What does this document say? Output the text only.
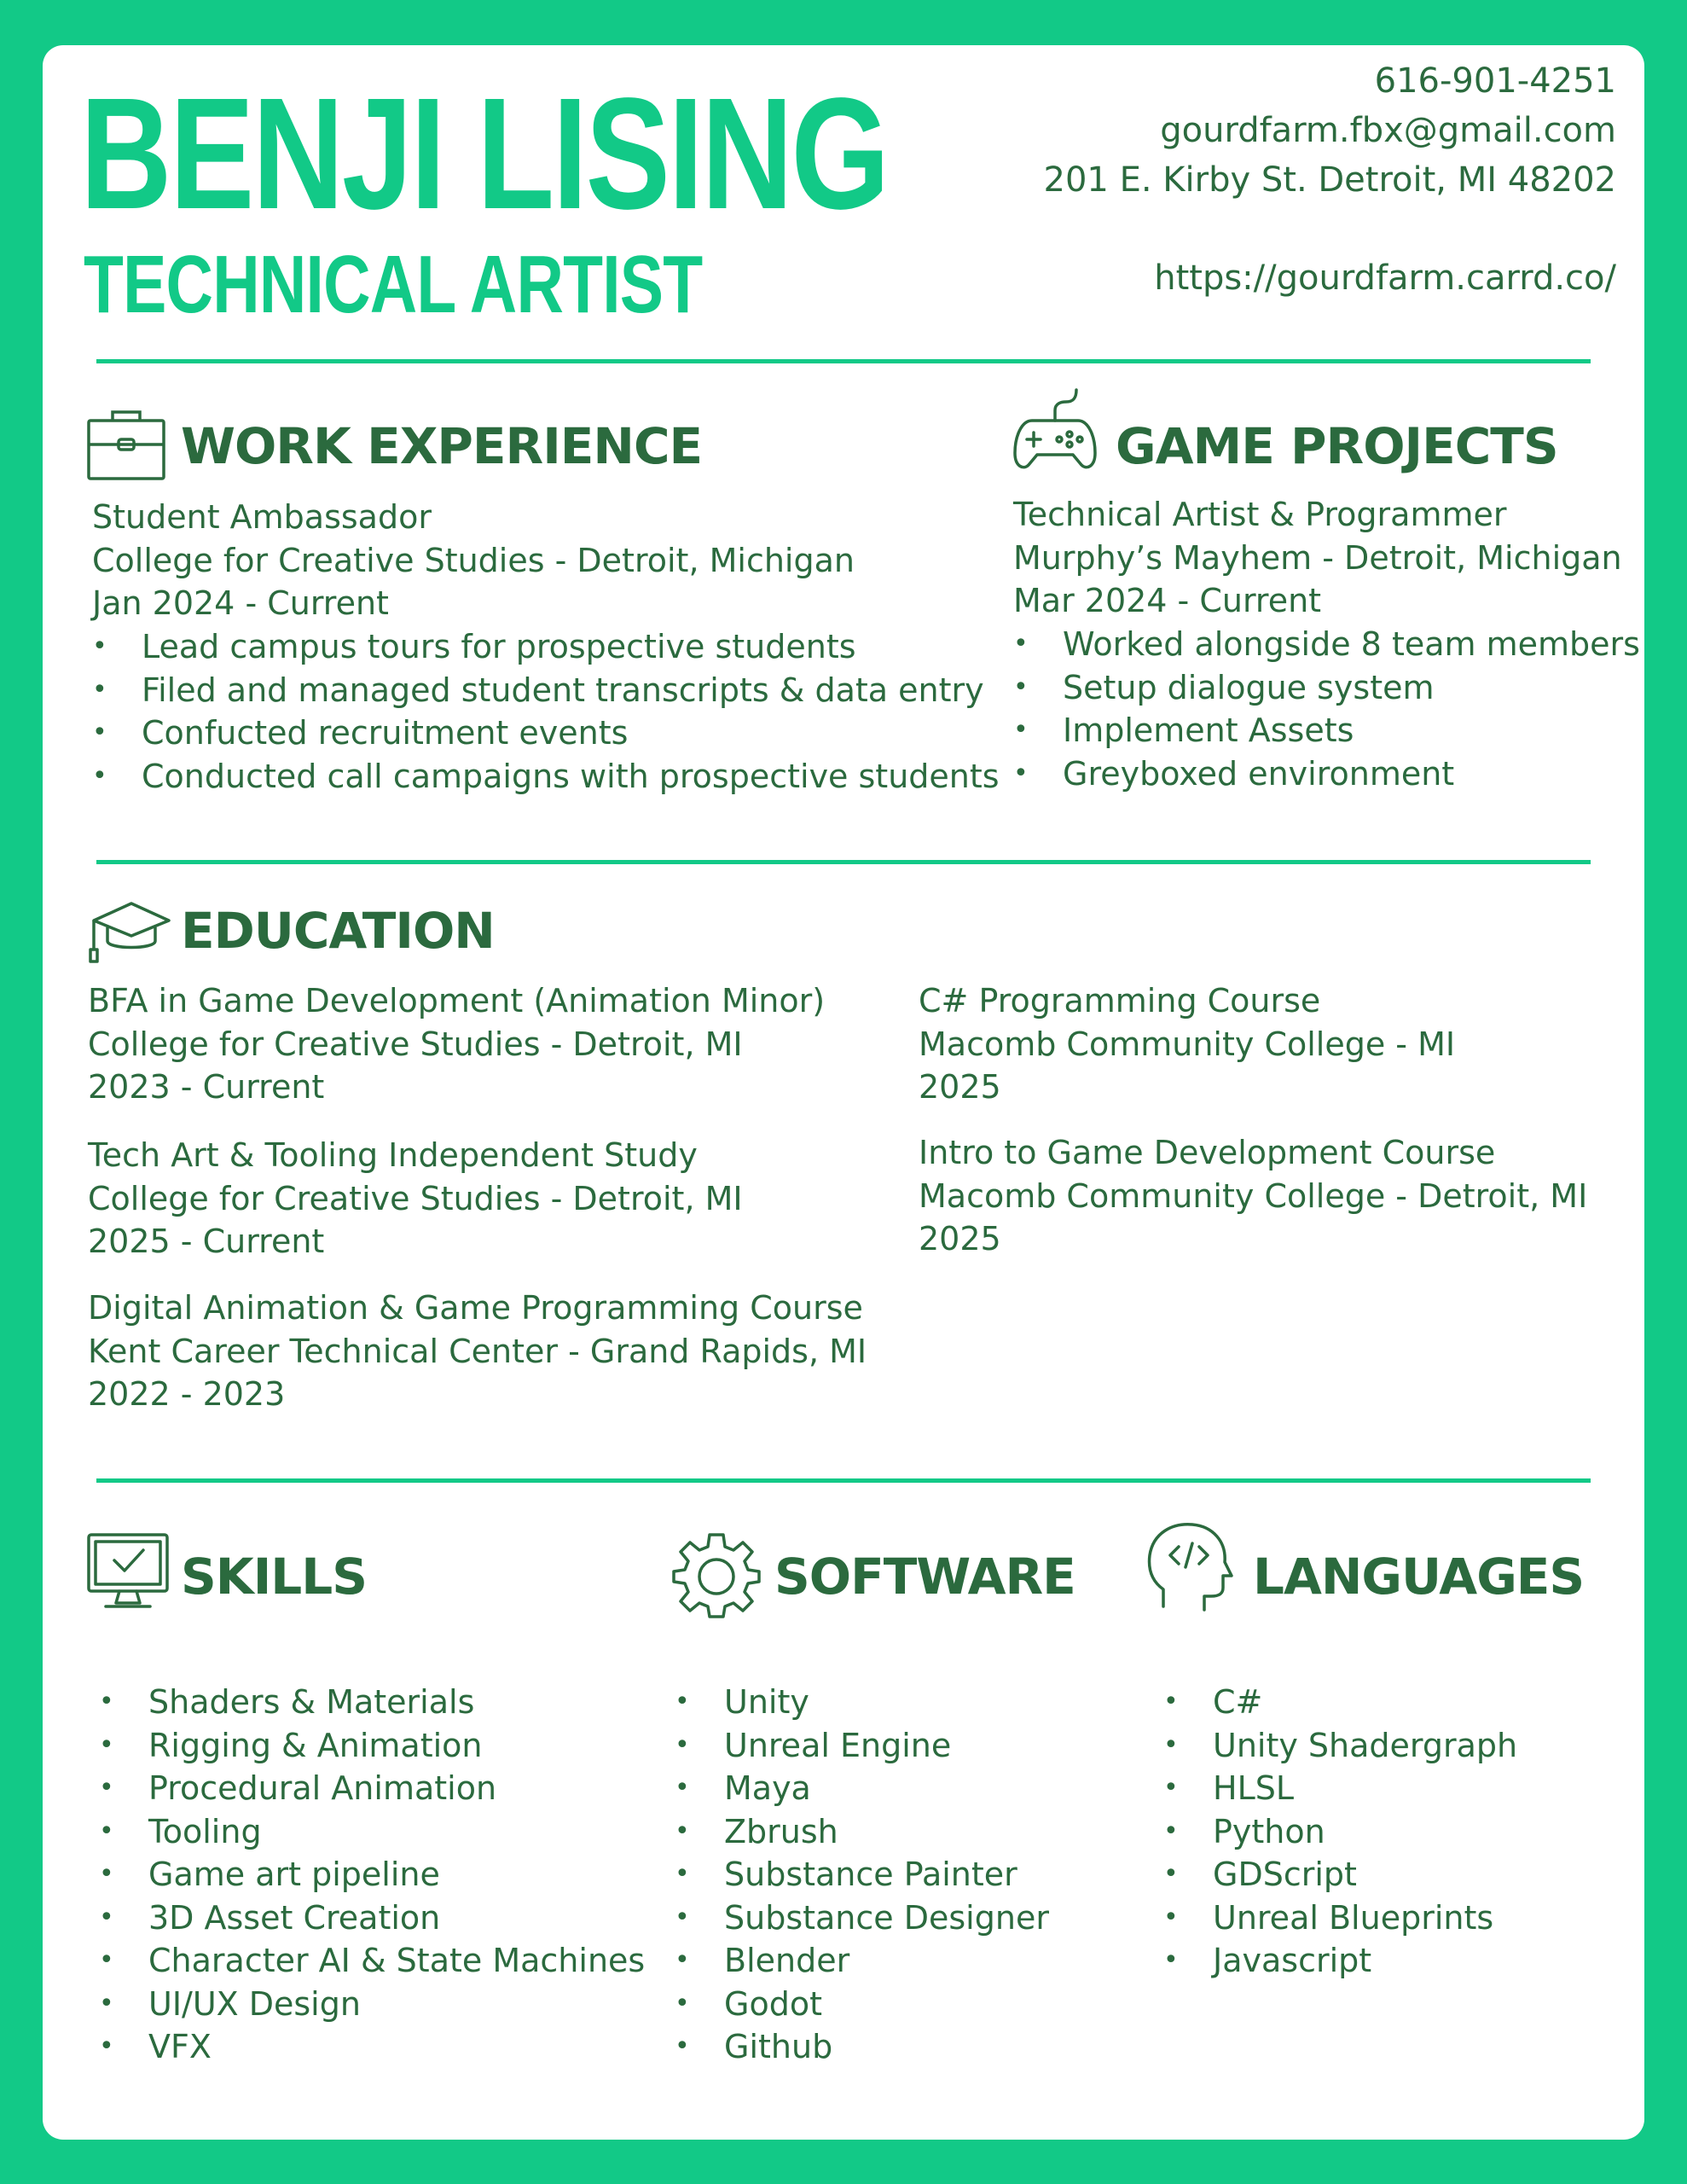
BENJI LISING
TECHNICAL ARTIST
616-901-4251
gourdfarm.fbx@gmail.com
201 E. Kirby St. Detroit, MI 48202
https://gourdfarm.carrd.co/
WORK EXPERIENCE
Student Ambassador
College for Creative Studies - Detroit, Michigan
Jan 2024 - Current
• Lead campus tours for prospective students
• Filed and managed student transcripts & data entry
• Confucted recruitment events
• Conducted call campaigns with prospective students
GAME PROJECTS
Technical Artist & Programmer
Murphy’s Mayhem - Detroit, Michigan
Mar 2024 - Current
• Worked alongside 8 team members
• Setup dialogue system
• Implement Assets
• Greyboxed environment
EDUCATION
BFA in Game Development (Animation Minor)
College for Creative Studies - Detroit, MI
2023 - Current
Tech Art & Tooling Independent Study
College for Creative Studies - Detroit, MI
2025 - Current
Digital Animation & Game Programming Course
Kent Career Technical Center - Grand Rapids, MI
2022 - 2023
C# Programming Course
Macomb Community College - MI
2025
Intro to Game Development Course
Macomb Community College - Detroit, MI
2025
SKILLS
• Shaders & Materials
• Rigging & Animation
• Procedural Animation
• Tooling
• Game art pipeline
• 3D Asset Creation
• Character AI & State Machines
• UI/UX Design
• VFX
SOFTWARE
• Unity
• Unreal Engine
• Maya
• Zbrush
• Substance Painter
• Substance Designer
• Blender
• Godot
• Github
LANGUAGES
• C#
• Unity Shadergraph
• HLSL
• Python
• GDScript
• Unreal Blueprints
• Javascript
